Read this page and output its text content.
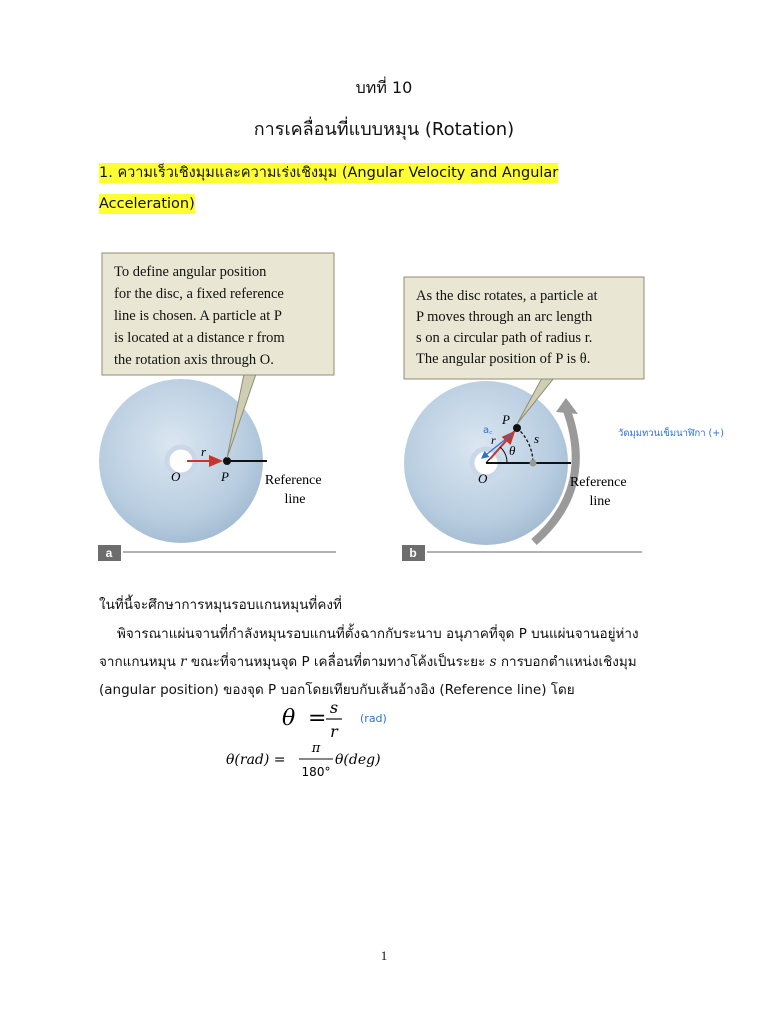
บทที่ 10
การเคลื่อนที่แบบหมุน (Rotation)
1. ความเร็วเชิงมุมและความเร่งเชิงมุม (Angular Velocity and Angular Acceleration)
To define angular position for the disc, a fixed reference line is chosen. A particle at P is located at a distance r from the rotation axis through O.
r
O	P	Reference line
a
a꜀
As the disc rotates, a particle at P moves through an arc length s on a circular path of radius r. The angular position of P is θ.
P
r	s
θ
O	Reference line
วัดมุมทวนเข็มนาฬิกา (+)
b
ในที่นี้จะศึกษาการหมุนรอบแกนหมุนที่คงที่
พิจารณาแผ่นจานที่กำลังหมุนรอบแกนที่ตั้งฉากกับระนาบ อนุภาคที่จุด P บนแผ่นจานอยู่ห่าง
จากแกนหมุน r ขณะที่จานหมุนจุด P เคลื่อนที่ตามทางโค้งเป็นระยะ s การบอกตำแหน่งเชิงมุม
(angular position) ของจุด P บอกโดยเทียบกับเส้นอ้างอิง (Reference line) โดย
θ = s
r
(rad)
θ(rad) =
π
180°
θ(deg)
1
